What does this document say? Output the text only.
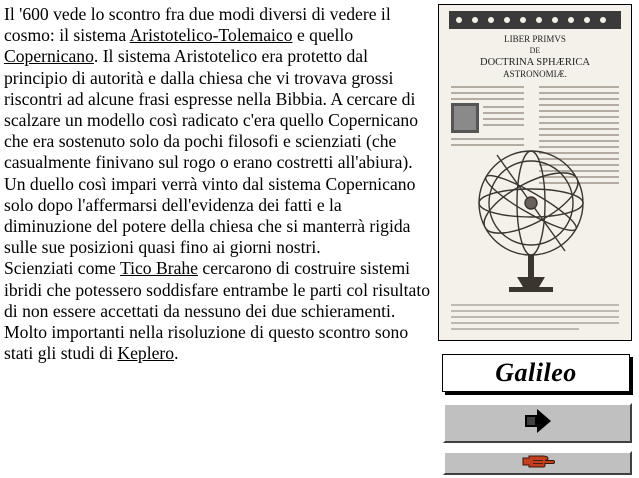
Il '600 vede lo scontro fra due modi diversi di vedere il cosmo: il sistema Aristotelico-Tolemaico e quello Copernicano. Il sistema Aristotelico era protetto dal principio di autorità e dalla chiesa che vi trovava grossi riscontri ad alcune frasi espresse nella Bibbia. A cercare di scalzare un modello così radicato c'era quello Copernicano che era sostenuto solo da pochi filosofi e scienziati (che casualmente finivano sul rogo o erano costretti all'abiura). Un duello così impari verrà vinto dal sistema Copernicano solo dopo l'affermarsi dell'evidenza dei fatti e la diminuzione del potere della chiesa che si manterrà rigida sulle sue posizioni quasi fino ai giorni nostri.
Scienziati come Tico Brahe cercarono di costruire sistemi ibridi che potessero soddisfare entrambe le parti col risultato di non essere accettati da nessuno dei due schieramenti.
Molto importanti nella risoluzione di questo scontro sono stati gli studi di Keplero.
LIBER PRIMVS
DE
DOCTRINA SPHÆRICA
ASTRONOMIÆ.
Galileo
